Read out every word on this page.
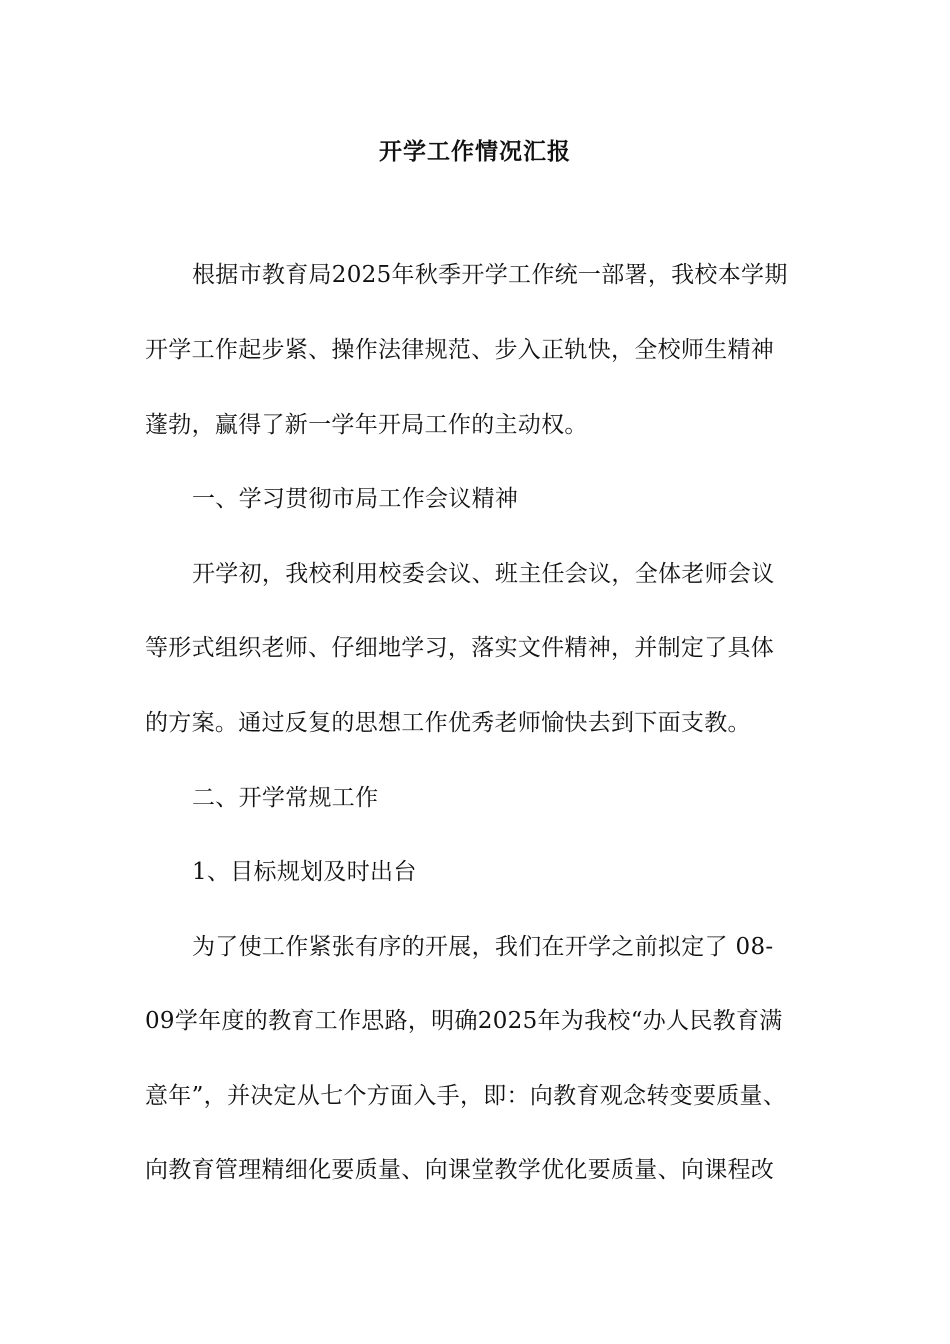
开学工作情况汇报
根据市教育局2025年秋季开学工作统一部署，我校本学期
开学工作起步紧、操作法律规范、步入正轨快，全校师生精神
蓬勃，赢得了新一学年开局工作的主动权。
一、学习贯彻市局工作会议精神
开学初，我校利用校委会议、班主任会议，全体老师会议
等形式组织老师、仔细地学习，落实文件精神，并制定了具体
的方案。通过反复的思想工作优秀老师愉快去到下面支教。
二、开学常规工作
1、目标规划及时出台
为了使工作紧张有序的开展，我们在开学之前拟定了 08-
09学年度的教育工作思路，明确2025年为我校“办人民教育满
意年”，并决定从七个方面入手，即：向教育观念转变要质量、
向教育管理精细化要质量、向课堂教学优化要质量、向课程改
